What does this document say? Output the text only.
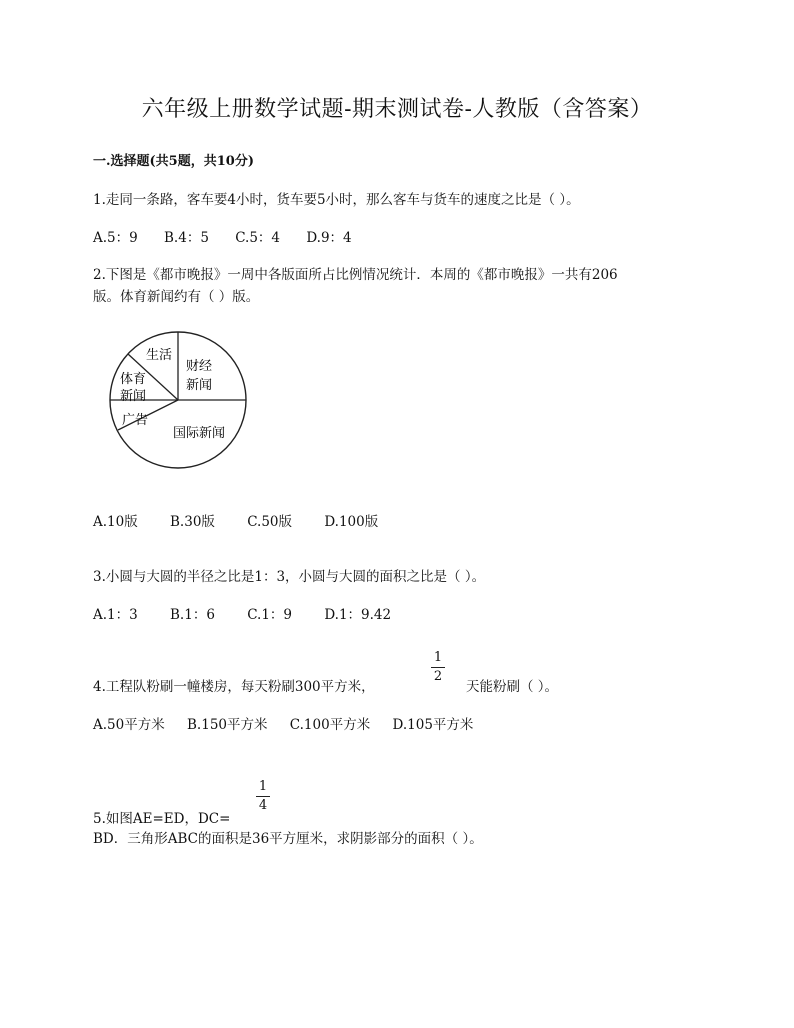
六年级上册数学试题-期末测试卷-人教版（含答案）
一.选择题(共5题，共10分)
1.走同一条路，客车要4小时，货车要5小时，那么客车与货车的速度之比是（ ）。
A.5：9 B.4：5 C.5：4 D.9：4
2.下图是《都市晚报》一周中各版面所占比例情况统计．本周的《都市晚报》一共有206
版。体育新闻约有（ ）版。
生活
财经
新闻
体育
新闻
广告
国际新闻
A.10版 B.30版 C.50版 D.100版
3.小圆与大圆的半径之比是1：3，小圆与大圆的面积之比是（ ）。
A.1：3 B.1：6 C.1：9 D.1：9.42
4.工程队粉刷一幢楼房，每天粉刷300平方米，
1
2
天能粉刷（ ）。
A.50平方米 B.150平方米 C.100平方米 D.105平方米
1
4
5.如图AE=ED，DC=
BD．三角形ABC的面积是36平方厘米，求阴影部分的面积（ ）。
